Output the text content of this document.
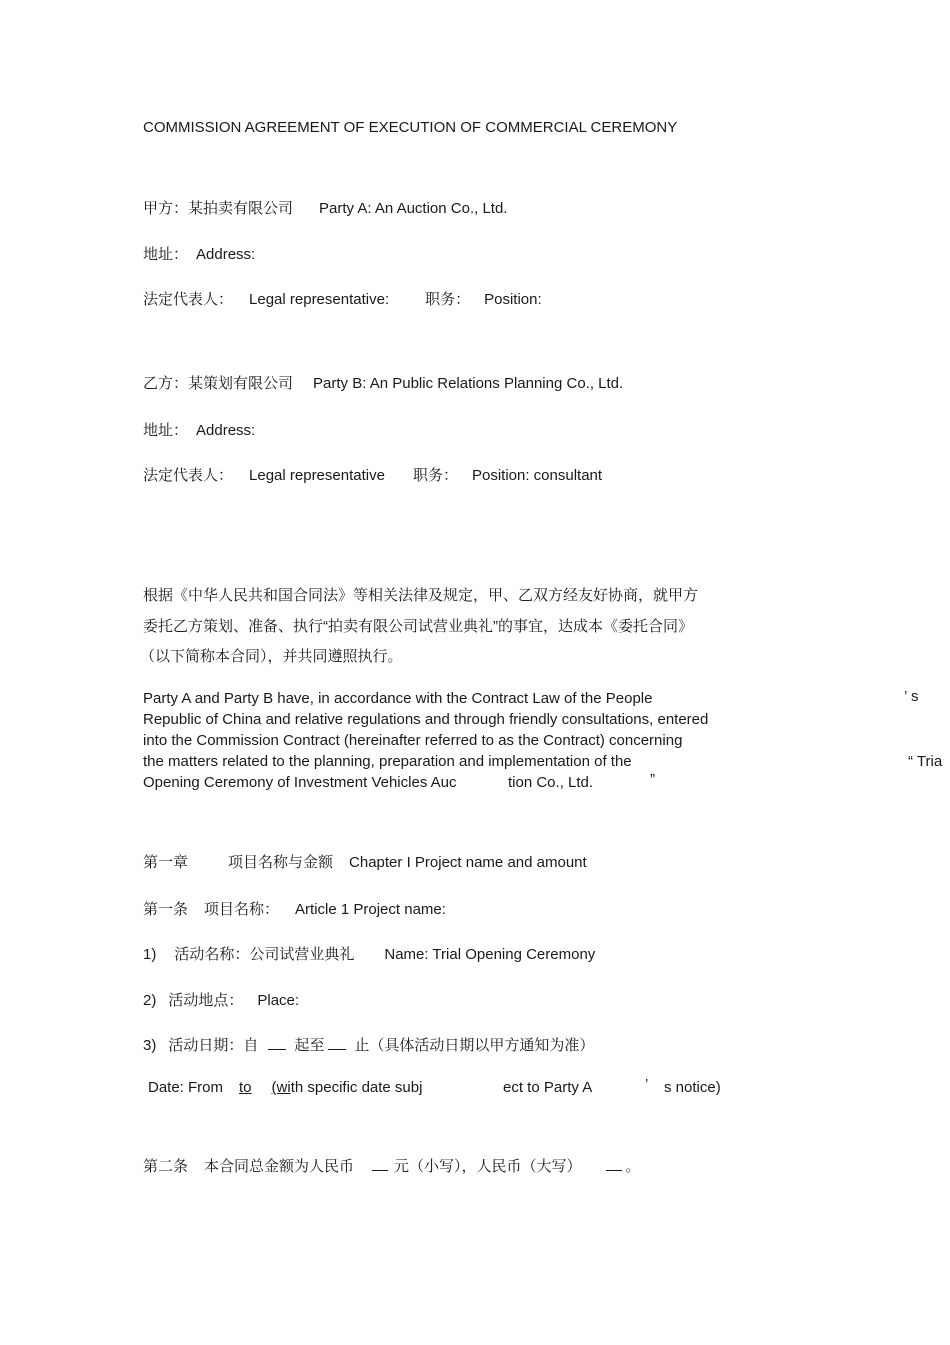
COMMISSION AGREEMENT OF EXECUTION OF COMMERCIAL CEREMONY
甲方：某拍卖有限公司 Party A: An Auction Co., Ltd.
地址： Address:
法定代表人： Legal representative: 职务： Position:
乙方：某策划有限公司 Party B: An Public Relations Planning Co., Ltd.
地址： Address:
法定代表人： Legal representative 职务： Position: consultant
根据《中华人民共和国合同法》等相关法律及规定，甲、乙双方经友好协商，就甲方
委托乙方策划、准备、执行“拍卖有限公司试营业典礼”的事宜，达成本《委托合同》
（以下简称本合同），并共同遵照执行。
Party A and Party B have, in accordance with the Contract Law of the People	’ s
Republic of China and relative regulations and through friendly consultations, entered
into the Commission Contract (hereinafter referred to as the Contract) concerning
the matters related to the planning, preparation and implementation of the	“ Tria
Opening Ceremony of Investment Vehicles Auc	tion Co., Ltd.	”
第一章	项目名称与金额 Chapter I Project name and amount
第一条 项目名称： Article 1 Project name:
1) 活动名称：公司试营业典礼 Name: Trial Opening Ceremony
2) 活动地点： Place:
3) 活动日期：自 起至 止（具体活动日期以甲方通知为准）
Date: From to (with specific date subj	ect to Party A	’ s notice)
第二条 本合同总金额为人民币	元（小写），人民币（大写）	。
